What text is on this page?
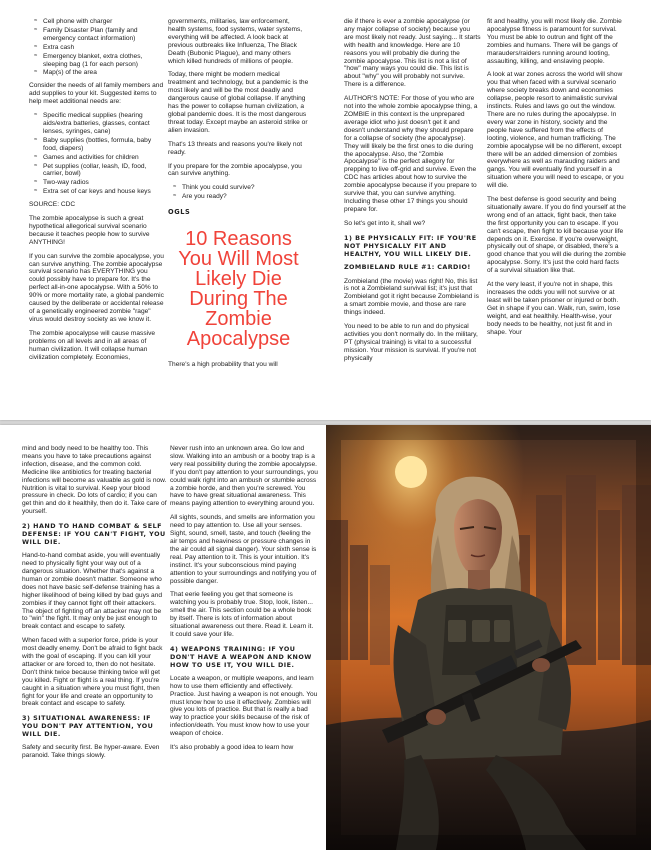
≈ Cell phone with charger
≈ Family Disaster Plan (family and emergency contact information)
≈ Extra cash
≈ Emergency blanket, extra clothes, sleeping bag (1 for each person)
≈ Map(s) of the area

Consider the needs of all family members and add supplies to your kit. Suggested items to help meet additional needs are:

≈ Specific medical supplies (hearing aids/extra batteries, glasses, contact lenses, syringes, cane)
≈ Baby supplies (bottles, formula, baby food, diapers)
≈ Games and activities for children
≈ Pet supplies (collar, leash, ID, food, carrier, bowl)
≈ Two-way radios
≈ Extra set of car keys and house keys

SOURCE: CDC

The zombie apocalypse is such a great hypothetical allegorical survival scenario because it teaches people how to survive ANYTHING!

If you can survive the zombie apocalypse, you can survive anything. The zombie apocalypse survival scenario has EVERYTHING you could possibly have to prepare for. It's the perfect all-in-one apocalypse. With a 50% to 90% or more mortality rate, a global pandemic caused by the deliberate or accidental release of a genetically engineered zombie "rage" virus would destroy society as we know it.

The zombie apocalypse will cause massive problems on all levels and in all areas of human civilization. It will collapse human civilization completely. Economies,

governments, militaries, law enforcement, health systems, food systems, water systems, everything will be affected. A look back at previous outbreaks like Influenza, The Black Death (Bubonic Plague), and many others which killed hundreds of millions of people.

Today, there might be modern medical treatment and technology, but a pandemic is the most likely and will be the most deadly and dangerous cause of global collapse. If anything has the power to collapse human civilization, a global pandemic does. It is the most dangerous threat today. Except maybe an asteroid strike or alien invasion.

That's 13 threats and reasons you're likely not ready.

If you prepare for the zombie apocalypse, you can survive anything.

≈ Think you could survive?
≈ Are you ready?
OGLS
10 Reasons You Will Most Likely Die During The Zombie Apocalypse

There's a high probability that you will

die if there is ever a zombie apocalypse (or any major collapse of society) because you are most likely not ready. Just saying... It starts with health and knowledge. Here are 10 reasons you will probably die during the zombie apocalypse. This list is not a list of "how" many ways you could die. This list is about "why" you will probably not survive. There is a difference.

AUTHOR'S NOTE: For those of you who are not into the whole zombie apocalypse thing, a ZOMBIE in this context is the unprepared average idiot who just doesn't get it and doesn't understand why they should prepare for a collapse of society (the apocalypse). They will likely be the first ones to die during the apocalypse. Also, the "Zombie Apocalypse" is the perfect allegory for prepping to live off-grid and survive. Even the CDC has articles about how to survive the zombie apocalypse because if you prepare to survive that, you can survive anything. Including these other 17 things you should prepare for.

So let's get into it, shall we?

1) BE PHYSICALLY FIT: IF YOU'RE NOT PHYSICALLY FIT AND HEALTHY, YOU WILL LIKELY DIE.
ZOMBIELAND RULE #1: CARDIO!

Zombieland (the movie) was right! No, this list is not a Zombieland survival list; it's just that Zombieland got it right because Zombieland is a smart zombie movie, and those are rare things indeed.

You need to be able to run and do physical activities you don't normally do. In the military, PT (physical training) is vital to a successful mission. Your mission is survival. If you're not physically

fit and healthy, you will most likely die. Zombie apocalypse fitness is paramount for survival. You must be able to outrun and fight off the zombies and humans. There will be gangs of marauders/raiders running around looting, assaulting, killing, and enslaving people.

A look at war zones across the world will show you that when faced with a survival scenario where society breaks down and economies collapse, people resort to animalistic survival instincts. Rules and laws go out the window. There are no rules during the apocalypse. In every war zone in history, society and the people have suffered from the effects of looting, violence, and human trafficking. The zombie apocalypse will be no different, except there will be an added dimension of zombies everywhere as well as marauding raiders and gangs. You will eventually find yourself in a situation where you will need to escape, or you will die.

The best defense is good security and being situationally aware. If you do find yourself at the wrong end of an attack, fight back, then take the first opportunity you can to escape. If you can't escape, then fight to kill because your life depends on it. Exercise. If you're overweight, physically out of shape, or disabled, there's a good chance that you will die during the zombie apocalypse. Sorry. It's just the cold hard facts of a survival situation like that.

At the very least, if you're not in shape, this increases the odds you will not survive or at least will be taken prisoner or injured or both. Get in shape if you can. Walk, run, swim, lose weight, and eat healthily. Health-wise, your body needs to be healthy, not just fit and in shape. Your

mind and body need to be healthy too. This means you have to take precautions against infection, disease, and the common cold. Medicine like antibiotics for treating bacterial infections will become as valuable as gold is now. Nutrition is vital to survival. Keep your blood pressure in check. Do lots of cardio; if you can get thin and do it healthily, then do it. Take care of yourself.

2) HAND TO HAND COMBAT & SELF DEFENSE: IF YOU CAN'T FIGHT, YOU WILL DIE.

Hand-to-hand combat aside, you will eventually need to physically fight your way out of a dangerous situation. Whether that's against a human or zombie doesn't matter. Someone who does not have basic self-defense training has a higher likelihood of being killed by bad guys and zombies if they cannot fight off their attackers. The object of fighting off an attacker may not be to "win" the fight. It may only be just enough to break contact and escape to safety.

When faced with a superior force, pride is your most deadly enemy. Don't be afraid to fight back with the goal of escaping. If you can kill your attacker or are forced to, then do not hesitate. Don't think twice because thinking twice will get you killed. Fight or flight is a real thing. If you're caught in a situation where you must fight, then fight for your life and create an opportunity to break contact and escape to safety.

3) SITUATIONAL AWARENESS: IF YOU DON'T PAY ATTENTION, YOU WILL DIE.

Safety and security first. Be hyper-aware. Even paranoid. Take things slowly.

Never rush into an unknown area. Go low and slow. Walking into an ambush or a booby trap is a very real possibility during the zombie apocalypse. If you don't pay attention to your surroundings, you could walk right into an ambush or stumble across a zombie horde, and then you're screwed. You have to have great situational awareness. This means paying attention to everything around you.

All sights, sounds, and smells are information you need to pay attention to. Use all your senses. Sight, sound, smell, taste, and touch (feeling the air temps and heaviness or pressure changes in the air could all signal danger). Your sixth sense is real. Pay attention to it. This is your intuition. It's instinct. It's your subconscious mind paying attention to your surroundings and notifying you of possible danger.

That eerie feeling you get that someone is watching you is probably true. Stop, look, listen... smell the air. This section could be a whole book by itself. There is lots of information about situational awareness out there. Read it. Learn it. It could save your life.

4) WEAPONS TRAINING: IF YOU DON'T HAVE A WEAPON AND KNOW HOW TO USE IT, YOU WILL DIE.

Locate a weapon, or multiple weapons, and learn how to use them efficiently and effectively. Practice. Just having a weapon is not enough. You must know how to use it effectively. Zombies will give you lots of practice. But that is really a bad way to practice your skills because of the risk of infection/death. You must know how to use your weapon of choice.

It's also probably a good idea to learn how
